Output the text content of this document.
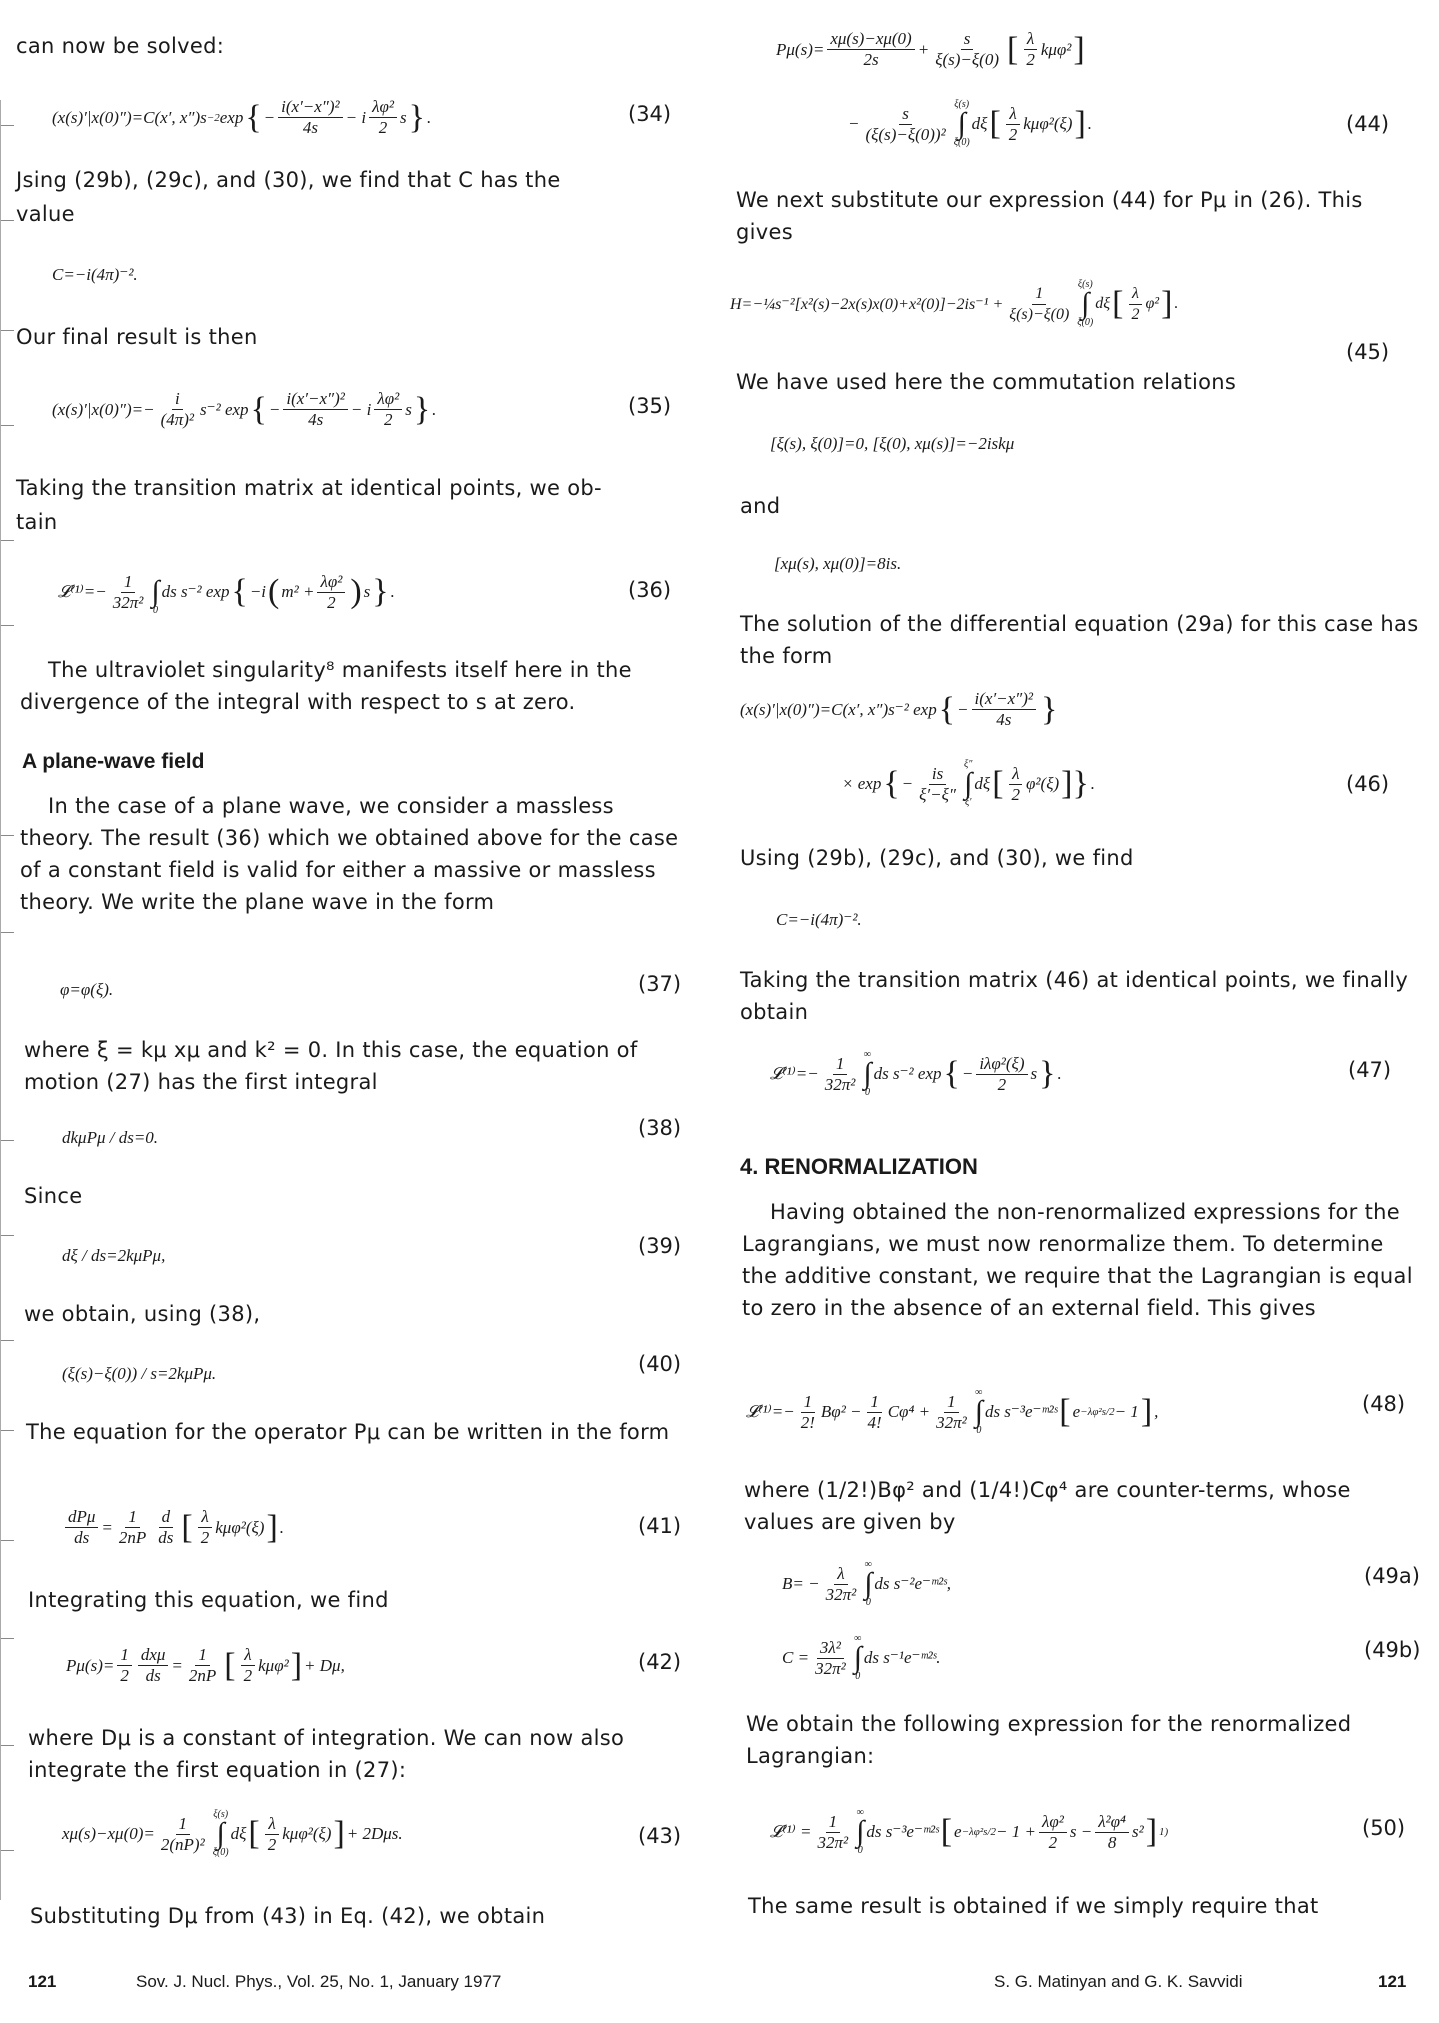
can now be solved:

(x(s)′|x(0)″)=C(x′, x″)s −2 exp { − $\frac{\text{i(x′−x″)²}}{4s} - i \frac{\text{λφ²}}{2}$ s } .	(34)

Jsing (29b), (29c), and (30), we find that C has the

value

C=−i(4π)⁻².

Our final result is then

$(x(s)'|x(0)'')=- \frac{i}{\text{(4π)²}} s^{-2}$ exp { − $\frac{\text{i(x′−x″)²}}{4s} - i \frac{\text{λφ²}}{2}$ s } .	(35)

Taking the transition matrix at identical points, we ob-

tain

𝓛⁽¹⁾=− $\frac{1}{\text{32π²}}$
∫
0
ds s⁻² exp { −i ( $m^2 + \frac{\text{λφ²}}{2}$ ) s } .	(36)

The ultraviolet singularity⁸ manifests itself here in the divergence of the integral with respect to s at zero.

A plane-wave field

In the case of a plane wave, we consider a massless theory. The result (36) which we obtained above for the case of a constant field is valid for either a massive or massless theory. We write the plane wave in the form

φ=φ(ξ).	(37)

where ξ = kμ xμ and k² = 0. In this case, the equation of motion (27) has the first integral

dkμPμ / ds=0.	(38)

Since

dξ / ds=2kμPμ,	(39)

we obtain, using (38),

(ξ(s)−ξ(0)) / s=2kμPμ.	(40)

The equation for the operator Pμ can be written in the form

$\frac{\text{dPμ}}{ds} = \frac{1}{2nP} \frac{d}{ds}$ [ $\frac{\lambda}{2} k\mu\varphi^2(\xi)$ ] .	(41)

Integrating this equation, we find

$P\mu(s)= \frac{1}{2} \frac{\text{dxμ}}{ds} = \frac{1}{2nP}$ [ $\frac{\lambda}{2} k\mu\varphi^2$ ] + Dμ,	(42)

where Dμ is a constant of integration. We can now also integrate the first equation in (27):

$x\mu(s)-x\mu(0)= \frac{1}{\text{2(nP)²}} \xi(s)$
∫
ξ(0)
dξ [ $\frac{\lambda}{2} k\mu\varphi^2(\xi)$ ] + 2Dμs.	(43)

Substituting Dμ from (43) in Eq. (42), we obtain

$P\mu(s)= \frac{x\mu(s)-x\mu(0)}{2s} + \frac{s}{\xi(s)-\xi(0)}$ [ $\frac{\lambda}{2} k\mu\varphi^2$ ]
− $\frac{s}{\text{(ξ(s)−ξ(0))²}} \xi(s)$
∫
ξ(0)
dξ [ $\frac{\lambda}{2} k\mu\varphi^2(\xi)$ ] .	(44)

We next substitute our expression (44) for Pμ in (26). This gives

H=−¼s⁻²[x²(s)−2x(s)x(0)+x²(0)]−2is⁻¹ + $\frac{1}{\xi(s)-\xi(0)} \xi(s)$
∫
ξ(0)
dξ [ $\frac{\lambda}{2} \varphi^2$ ] .
(45)

We have used here the commutation relations

[ξ(s), ξ(0)]=0, [ξ(0), xμ(s)]=−2iskμ

and

[xμ(s), xμ(0)]=8is.

The solution of the differential equation (29a) for this case has the form

(x(s)′|x(0)″)=C(x′, x″)s⁻² exp { − $\frac{\text{i(x′−x″)²}}{4s}$ }
× exp { − $\frac{is}{\xi'-\xi''} \xi''$
∫
ξ′
dξ [ $\frac{\lambda}{2} \varphi^2(\xi)$ ]} .	(46)

Using (29b), (29c), and (30), we find

C=−i(4π)⁻².

Taking the transition matrix (46) at identical points, we finally obtain

𝓛⁽¹⁾=− $\frac{1}{\text{32π²}}$ ∞
∫
0
ds s⁻² exp { − $\frac{\text{iλφ²(ξ)}}{2}$ s } .	(47)
4. RENORMALIZATION

Having obtained the non-renormalized expressions for the Lagrangians, we must now renormalize them. To determine the additive constant, we require that the Lagrangian is equal to zero in the absence of an external field. This gives

𝓛⁽¹⁾=− $\frac{1}{2!} B\varphi^2 - \frac{1}{4!} C\varphi^4 + \frac{1}{\text{32π²}}$ ∞
∫
0
ds s⁻³e⁻ᵐ²ˢ [ e −λφ²s/2 − 1 ] ,	(48)

where (1/2!)Bφ² and (1/4!)Cφ⁴ are counter-terms, whose values are given by

$B= - \frac{\lambda}{\text{32π²}}$ ∞
∫
0
ds s⁻²e⁻ᵐ²ˢ,	(49a)
$C = \frac{\text{3λ²}}{\text{32π²}}$ ∞
∫
0
ds s⁻¹e⁻ᵐ²ˢ.	(49b)

We obtain the following expression for the renormalized Lagrangian:

𝓛⁽¹⁾ = $\frac{1}{\text{32π²}}$ ∞
∫
0
ds s⁻³e⁻ᵐ²ˢ [ $e -\lambda\varphi^2s/2 - 1 + \frac{\text{λφ²}}{2}$ $s - \frac{\text{λ²φ⁴}}{8} s^2$ ] 1)	(50)

The same result is obtained if we simply require that

121	Sov. J. Nucl. Phys., Vol. 25, No. 1, January 1977	S. G. Matinyan and G. K. Savvidi	121
